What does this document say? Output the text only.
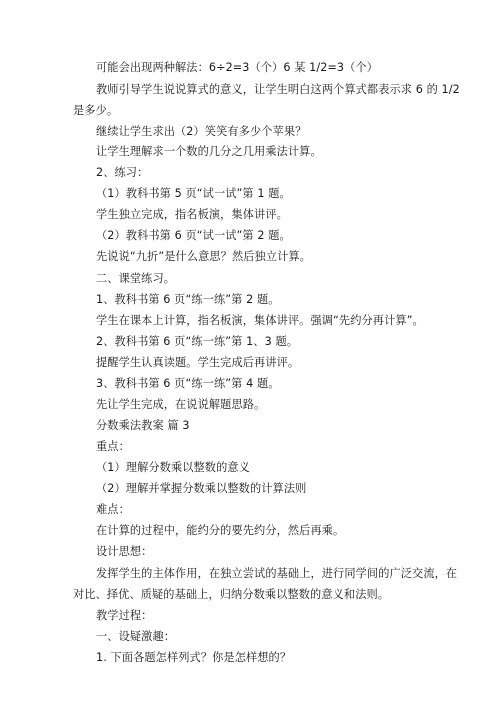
可能会出现两种解法：6÷2=3（个）6 某 1/2=3（个）
教师引导学生说说算式的意义，让学生明白这两个算式都表示求 6 的 1/2
是多少。
继续让学生求出（2）笑笑有多少个苹果？
让学生理解求一个数的几分之几用乘法计算。
2、练习：
（1）教科书第 5 页“试一试”第 1 题。
学生独立完成，指名板演，集体讲评。
（2）教科书第 6 页“试一试”第 2 题。
先说说“九折”是什么意思？然后独立计算。
二、课堂练习。
1、教科书第 6 页“练一练”第 2 题。
学生在课本上计算，指名板演，集体讲评。强调“先约分再计算”。
2、教科书第 6 页“练一练”第 1、3 题。
提醒学生认真读题。学生完成后再讲评。
3、教科书第 6 页“练一练”第 4 题。
先让学生完成，在说说解题思路。
分数乘法教案 篇 3
重点：
（1）理解分数乘以整数的意义
（2）理解并掌握分数乘以整数的计算法则
难点：
在计算的过程中，能约分的要先约分，然后再乘。
设计思想：
发挥学生的主体作用，在独立尝试的基础上，进行同学间的广泛交流，在
对比、择优、质疑的基础上，归纳分数乘以整数的意义和法则。
教学过程：
一、设疑激趣：
1. 下面各题怎样列式？你是怎样想的？
